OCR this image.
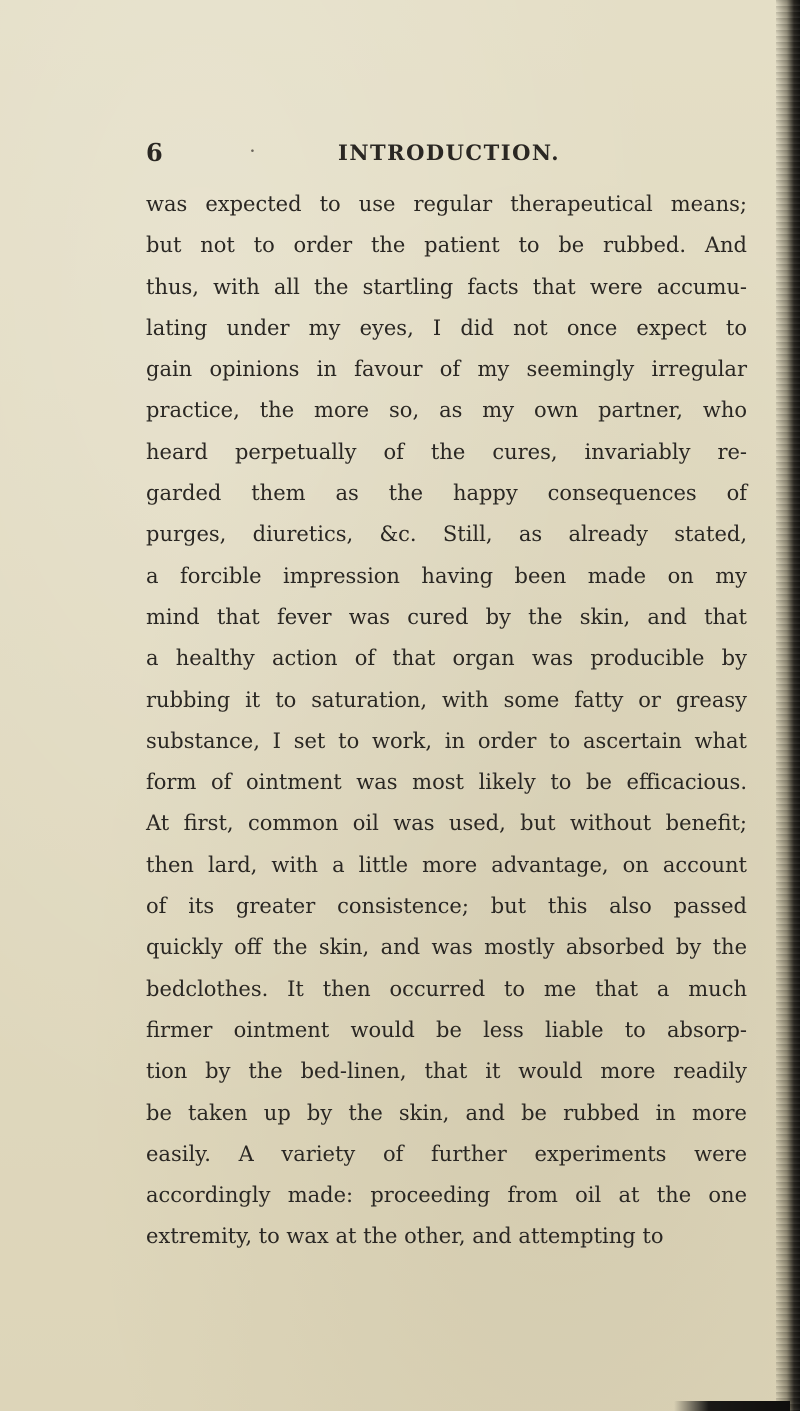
6	.	INTRODUCTION.
was expected to use regular therapeutical means;
but not to order the patient to be rubbed. And
thus, with all the startling facts that were accumu-
lating under my eyes, I did not once expect to
gain opinions in favour of my seemingly irregular
practice, the more so, as my own partner, who
heard perpetually of the cures, invariably re-
garded them as the happy consequences of
purges, diuretics, &c. Still, as already stated,
a forcible impression having been made on my
mind that fever was cured by the skin, and that
a healthy action of that organ was producible by
rubbing it to saturation, with some fatty or greasy
substance, I set to work, in order to ascertain what
form of ointment was most likely to be efficacious.
At first, common oil was used, but without benefit;
then lard, with a little more advantage, on account
of its greater consistence; but this also passed
quickly off the skin, and was mostly absorbed by the
bedclothes. It then occurred to me that a much
firmer ointment would be less liable to absorp-
tion by the bed-linen, that it would more readily
be taken up by the skin, and be rubbed in more
easily. A variety of further experiments were
accordingly made: proceeding from oil at the one
extremity, to wax at the other, and attempting to
